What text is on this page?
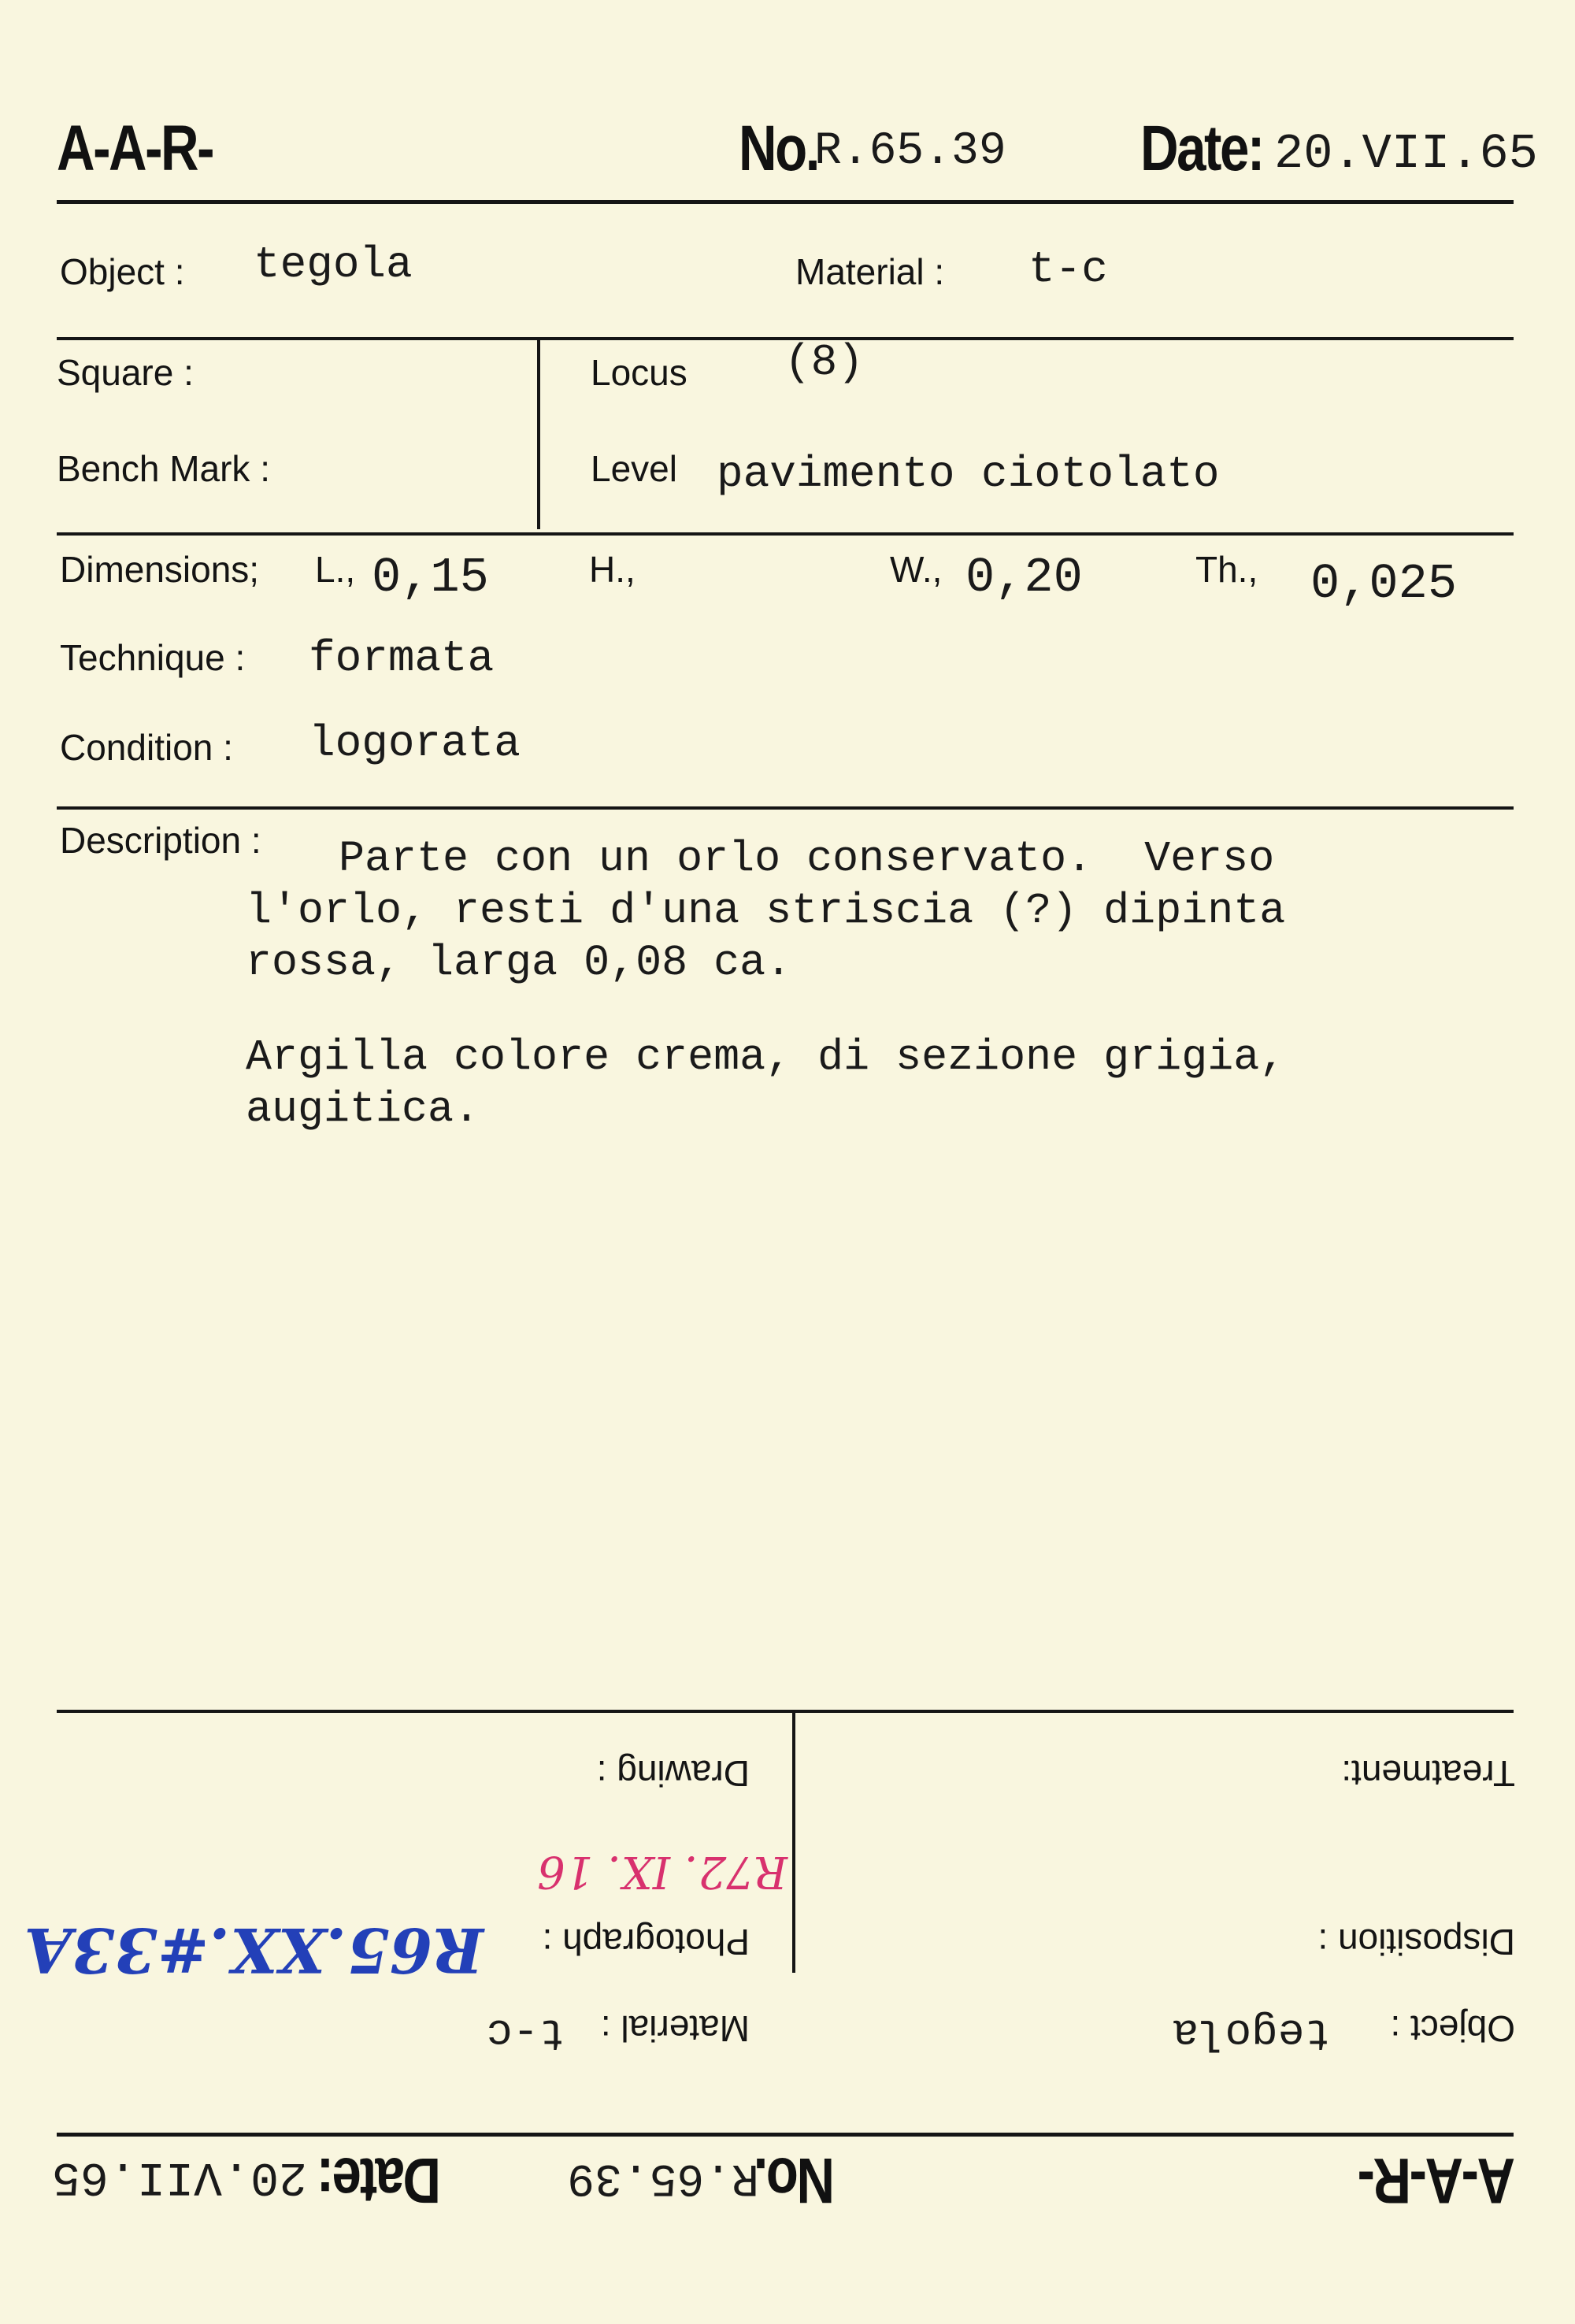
A-A-R-	No.
R.65.39 Date: 20.VII.65
Object : tegola	Material : t-c
Square :	Locus (8)
Bench Mark :	Level pavimento ciotolato
Dimensions; L., 0,15	H.,	W., 0,20	Th., 0,025
Technique : formata
Condition : logorata
Description :	Parte con un orlo conservato.  Verso
l'orlo, resti d'una striscia (?) dipinta
rossa, larga 0,08 ca.
Argilla colore crema, di sezione grigia,
augitica.
Treatment:
Drawing :
Disposition :
Photograph :
R72. IX. 16
R65.XX.#33A
Object :
tegola
Material :
t-c
A-A-R-
No.
R.65.39
Date:
20.VII.65
